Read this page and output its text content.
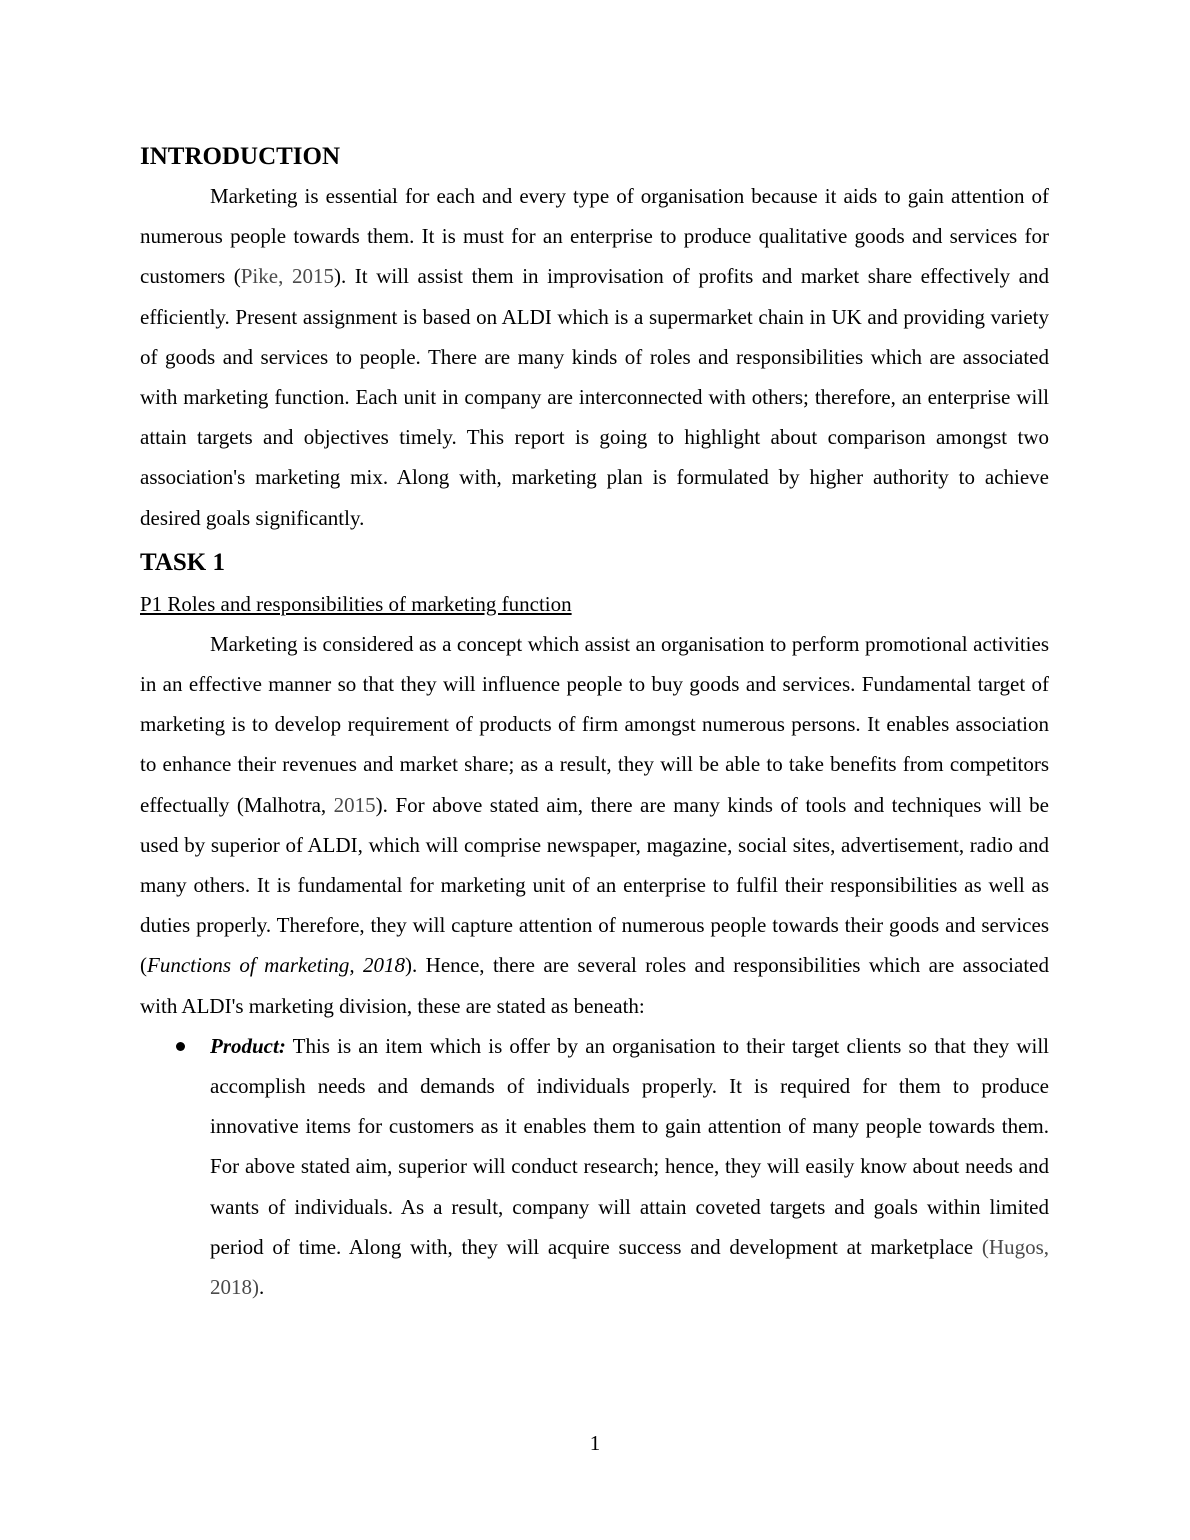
INTRODUCTION

Marketing is essential for each and every type of organisation because it aids to gain attention of numerous people towards them. It is must for an enterprise to produce qualitative goods and services for customers (Pike, 2015). It will assist them in improvisation of profits and market share effectively and efficiently. Present assignment is based on ALDI which is a supermarket chain in UK and providing variety of goods and services to people. There are many kinds of roles and responsibilities which are associated with marketing function. Each unit in company are interconnected with others; therefore, an enterprise will attain targets and objectives timely. This report is going to highlight about comparison amongst two association's marketing mix. Along with, marketing plan is formulated by higher authority to achieve desired goals significantly.

TASK 1

P1 Roles and responsibilities of marketing function

Marketing is considered as a concept which assist an organisation to perform promotional activities in an effective manner so that they will influence people to buy goods and services. Fundamental target of marketing is to develop requirement of products of firm amongst numerous persons. It enables association to enhance their revenues and market share; as a result, they will be able to take benefits from competitors effectually (Malhotra, 2015). For above stated aim, there are many kinds of tools and techniques will be used by superior of ALDI, which will comprise newspaper, magazine, social sites, advertisement, radio and many others. It is fundamental for marketing unit of an enterprise to fulfil their responsibilities as well as duties properly. Therefore, they will capture attention of numerous people towards their goods and services (Functions of marketing, 2018). Hence, there are several roles and responsibilities which are associated with ALDI's marketing division, these are stated as beneath:

Product: This is an item which is offer by an organisation to their target clients so that they will accomplish needs and demands of individuals properly. It is required for them to produce innovative items for customers as it enables them to gain attention of many people towards them. For above stated aim, superior will conduct research; hence, they will easily know about needs and wants of individuals. As a result, company will attain coveted targets and goals within limited period of time. Along with, they will acquire success and development at marketplace (Hugos, 2018).
1
